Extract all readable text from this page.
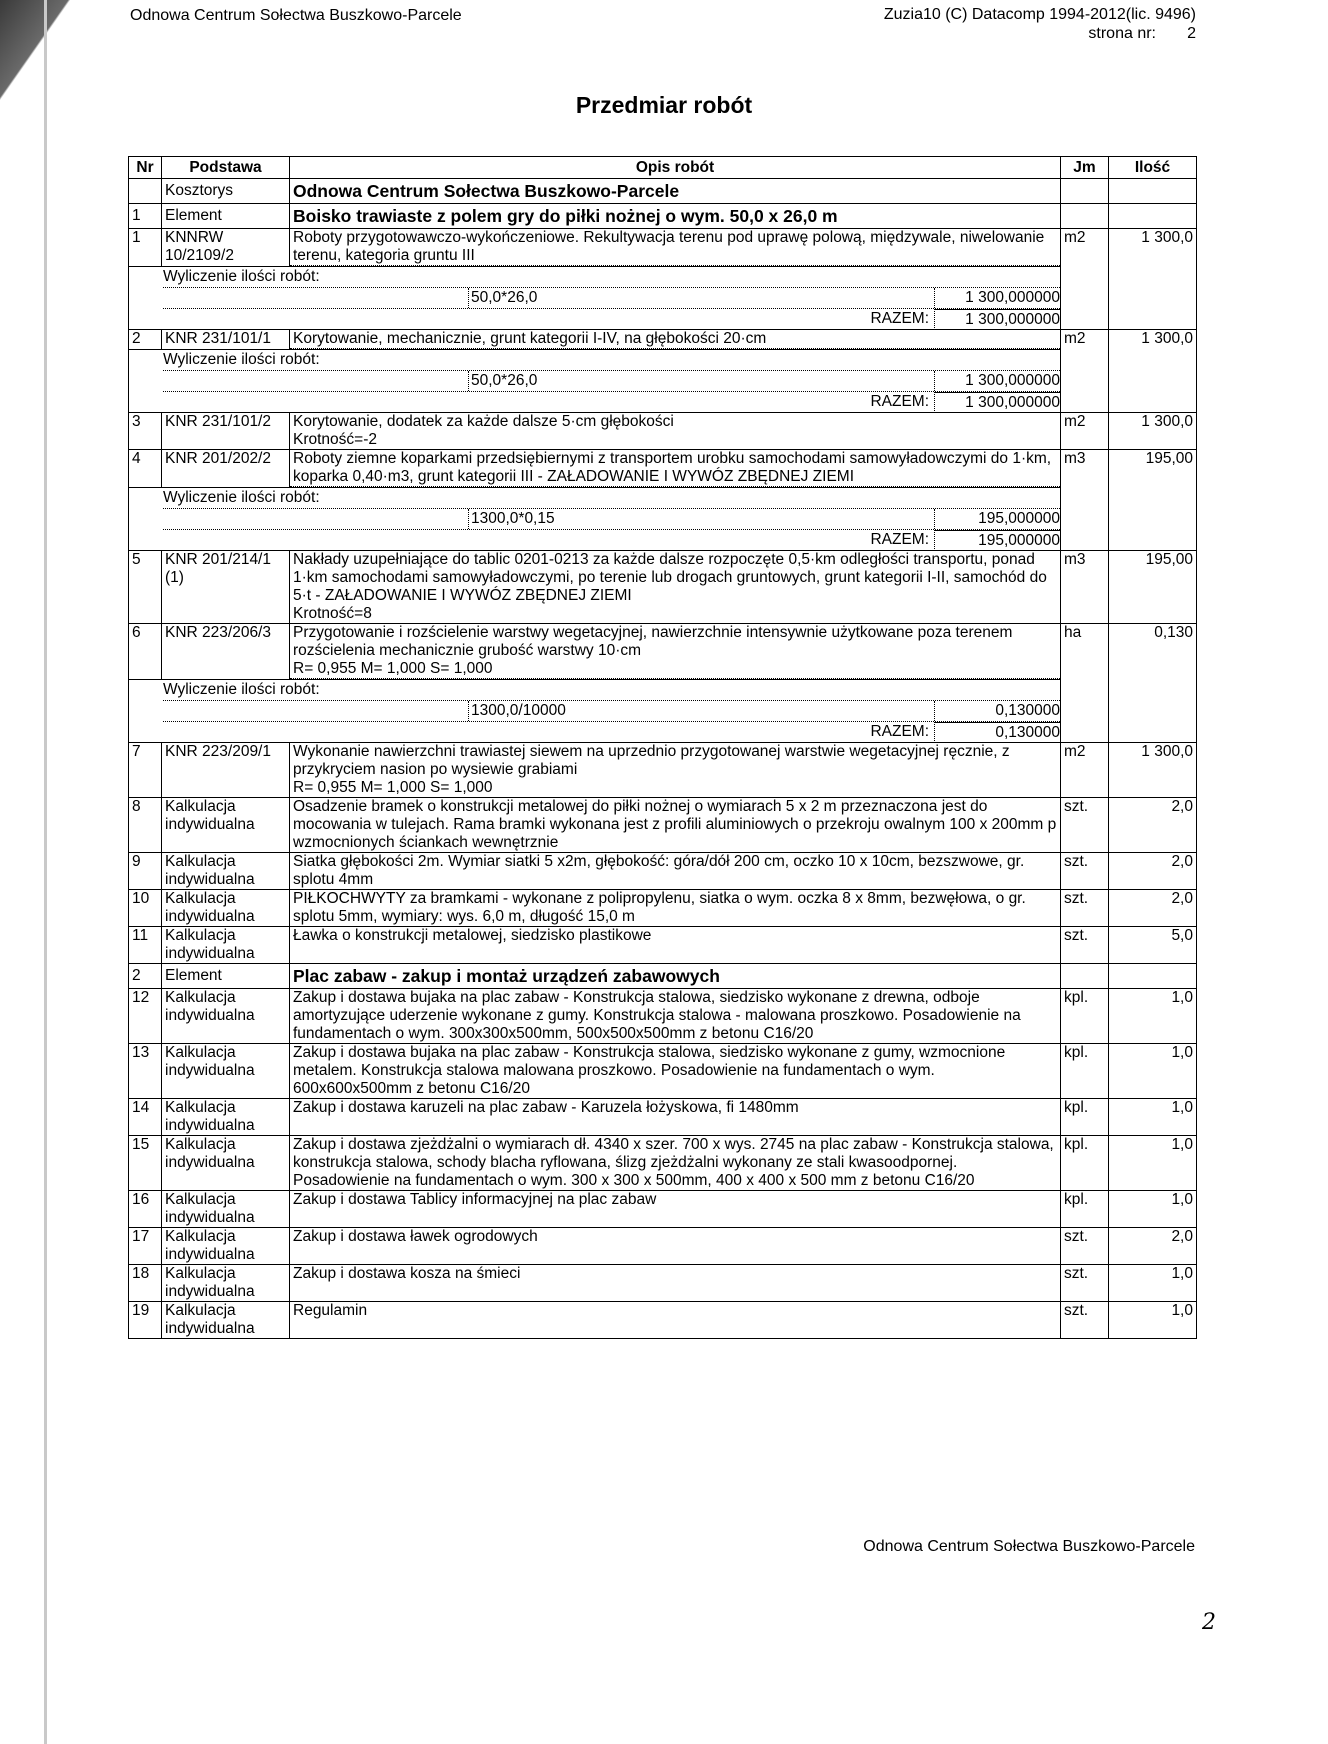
Odnowa Centrum Sołectwa Buszkowo-Parcele	Zuzia10 (C) Datacomp 1994-2012(lic. 9496)
strona nr: 2
Przedmiar robót
Nr	Podstawa	Opis robót	Jm	Ilość
	Kosztorys	Odnowa Centrum Sołectwa Buszkowo-Parcele		
1	Element	Boisko trawiaste z polem gry do piłki nożnej o wym. 50,0 x 26,0 m		
1	KNNRW 10/2109/2	Roboty przygotowawczo-wykończeniowe. Rekultywacja terenu pod uprawę polową, międzywale, niwelowanie terenu, kategoria gruntu III	m2	1 300,0

Wyliczenie ilości robót:
50,0*26,0 1 300,000000
RAZEM: 1 300,000000				

2	KNR 231/101/1	Korytowanie, mechanicznie, grunt kategorii I-IV, na głębokości 20·cm	m2	1 300,0

Wyliczenie ilości robót:
50,0*26,0 1 300,000000
RAZEM: 1 300,000000				

3	KNR 231/101/2	Korytowanie, dodatek za każde dalsze 5·cm głębokości
Krotność=-2	m2	1 300,0
4	KNR 201/202/2	Roboty ziemne koparkami przedsiębiernymi z transportem urobku samochodami samowyładowczymi do 1·km, koparka 0,40·m3, grunt kategorii III - ZAŁADOWANIE I WYWÓZ ZBĘDNEJ ZIEMI	m3	195,00

Wyliczenie ilości robót:
1300,0*0,15 195,000000
RAZEM: 195,000000				

5	KNR 201/214/1 (1)	Nakłady uzupełniające do tablic 0201-0213 za każde dalsze rozpoczęte 0,5·km odległości transportu, ponad 1·km samochodami samowyładowczymi, po terenie lub drogach gruntowych, grunt kategorii I-II, samochód do 5·t - ZAŁADOWANIE I WYWÓZ ZBĘDNEJ ZIEMI
Krotność=8	m3	195,00
6	KNR 223/206/3	Przygotowanie i rozścielenie warstwy wegetacyjnej, nawierzchnie intensywnie użytkowane poza terenem rozścielenia mechanicznie grubość warstwy 10·cm
R= 0,955 M= 1,000 S= 1,000	ha	0,130

Wyliczenie ilości robót:
1300,0/10000 0,130000
RAZEM: 0,130000				

7	KNR 223/209/1	Wykonanie nawierzchni trawiastej siewem na uprzednio przygotowanej warstwie wegetacyjnej ręcznie, z przykryciem nasion po wysiewie grabiami
R= 0,955 M= 1,000 S= 1,000	m2	1 300,0
8	Kalkulacja indywidualna	Osadzenie bramek o konstrukcji metalowej do piłki nożnej o wymiarach 5 x 2 m przeznaczona jest do mocowania w tulejach. Rama bramki wykonana jest z profili aluminiowych o przekroju owalnym 100 x 200mm p wzmocnionych ściankach wewnętrznie	szt.	2,0
9	Kalkulacja indywidualna	Siatka głębokości 2m. Wymiar siatki 5 x2m, głębokość: góra/dół 200 cm, oczko 10 x 10cm, bezszwowe, gr. splotu 4mm	szt.	2,0
10	Kalkulacja indywidualna	PIŁKOCHWYTY za bramkami - wykonane z polipropylenu, siatka o wym. oczka 8 x 8mm, bezwęłowa, o gr. splotu 5mm, wymiary: wys. 6,0 m, długość 15,0 m	szt.	2,0
11	Kalkulacja indywidualna	Ławka o konstrukcji metalowej, siedzisko plastikowe	szt.	5,0
2	Element	Plac zabaw - zakup i montaż urządzeń zabawowych		
12	Kalkulacja indywidualna	Zakup i dostawa bujaka na plac zabaw - Konstrukcja stalowa, siedzisko wykonane z drewna, odboje amortyzujące uderzenie wykonane z gumy. Konstrukcja stalowa - malowana proszkowo. Posadowienie na fundamentach o wym. 300x300x500mm, 500x500x500mm z betonu C16/20	kpl.	1,0
13	Kalkulacja indywidualna	Zakup i dostawa bujaka na plac zabaw - Konstrukcja stalowa, siedzisko wykonane z gumy, wzmocnione metalem. Konstrukcja stalowa malowana proszkowo. Posadowienie na fundamentach o wym. 600x600x500mm z betonu C16/20	kpl.	1,0
14	Kalkulacja indywidualna	Zakup i dostawa karuzeli na plac zabaw - Karuzela łożyskowa, fi 1480mm	kpl.	1,0
15	Kalkulacja indywidualna	Zakup i dostawa zjeżdżalni o wymiarach dł. 4340 x szer. 700 x wys. 2745 na plac zabaw - Konstrukcja stalowa, konstrukcja stalowa, schody blacha ryflowana, ślizg zjeżdżalni wykonany ze stali kwasoodpornej. Posadowienie na fundamentach o wym. 300 x 300 x 500mm, 400 x 400 x 500 mm z betonu C16/20	kpl.	1,0
16	Kalkulacja indywidualna	Zakup i dostawa Tablicy informacyjnej na plac zabaw	kpl.	1,0
17	Kalkulacja indywidualna	Zakup i dostawa ławek ogrodowych	szt.	2,0
18	Kalkulacja indywidualna	Zakup i dostawa kosza na śmieci	szt.	1,0
19	Kalkulacja indywidualna	Regulamin	szt.	1,0
Odnowa Centrum Sołectwa Buszkowo-Parcele
2
